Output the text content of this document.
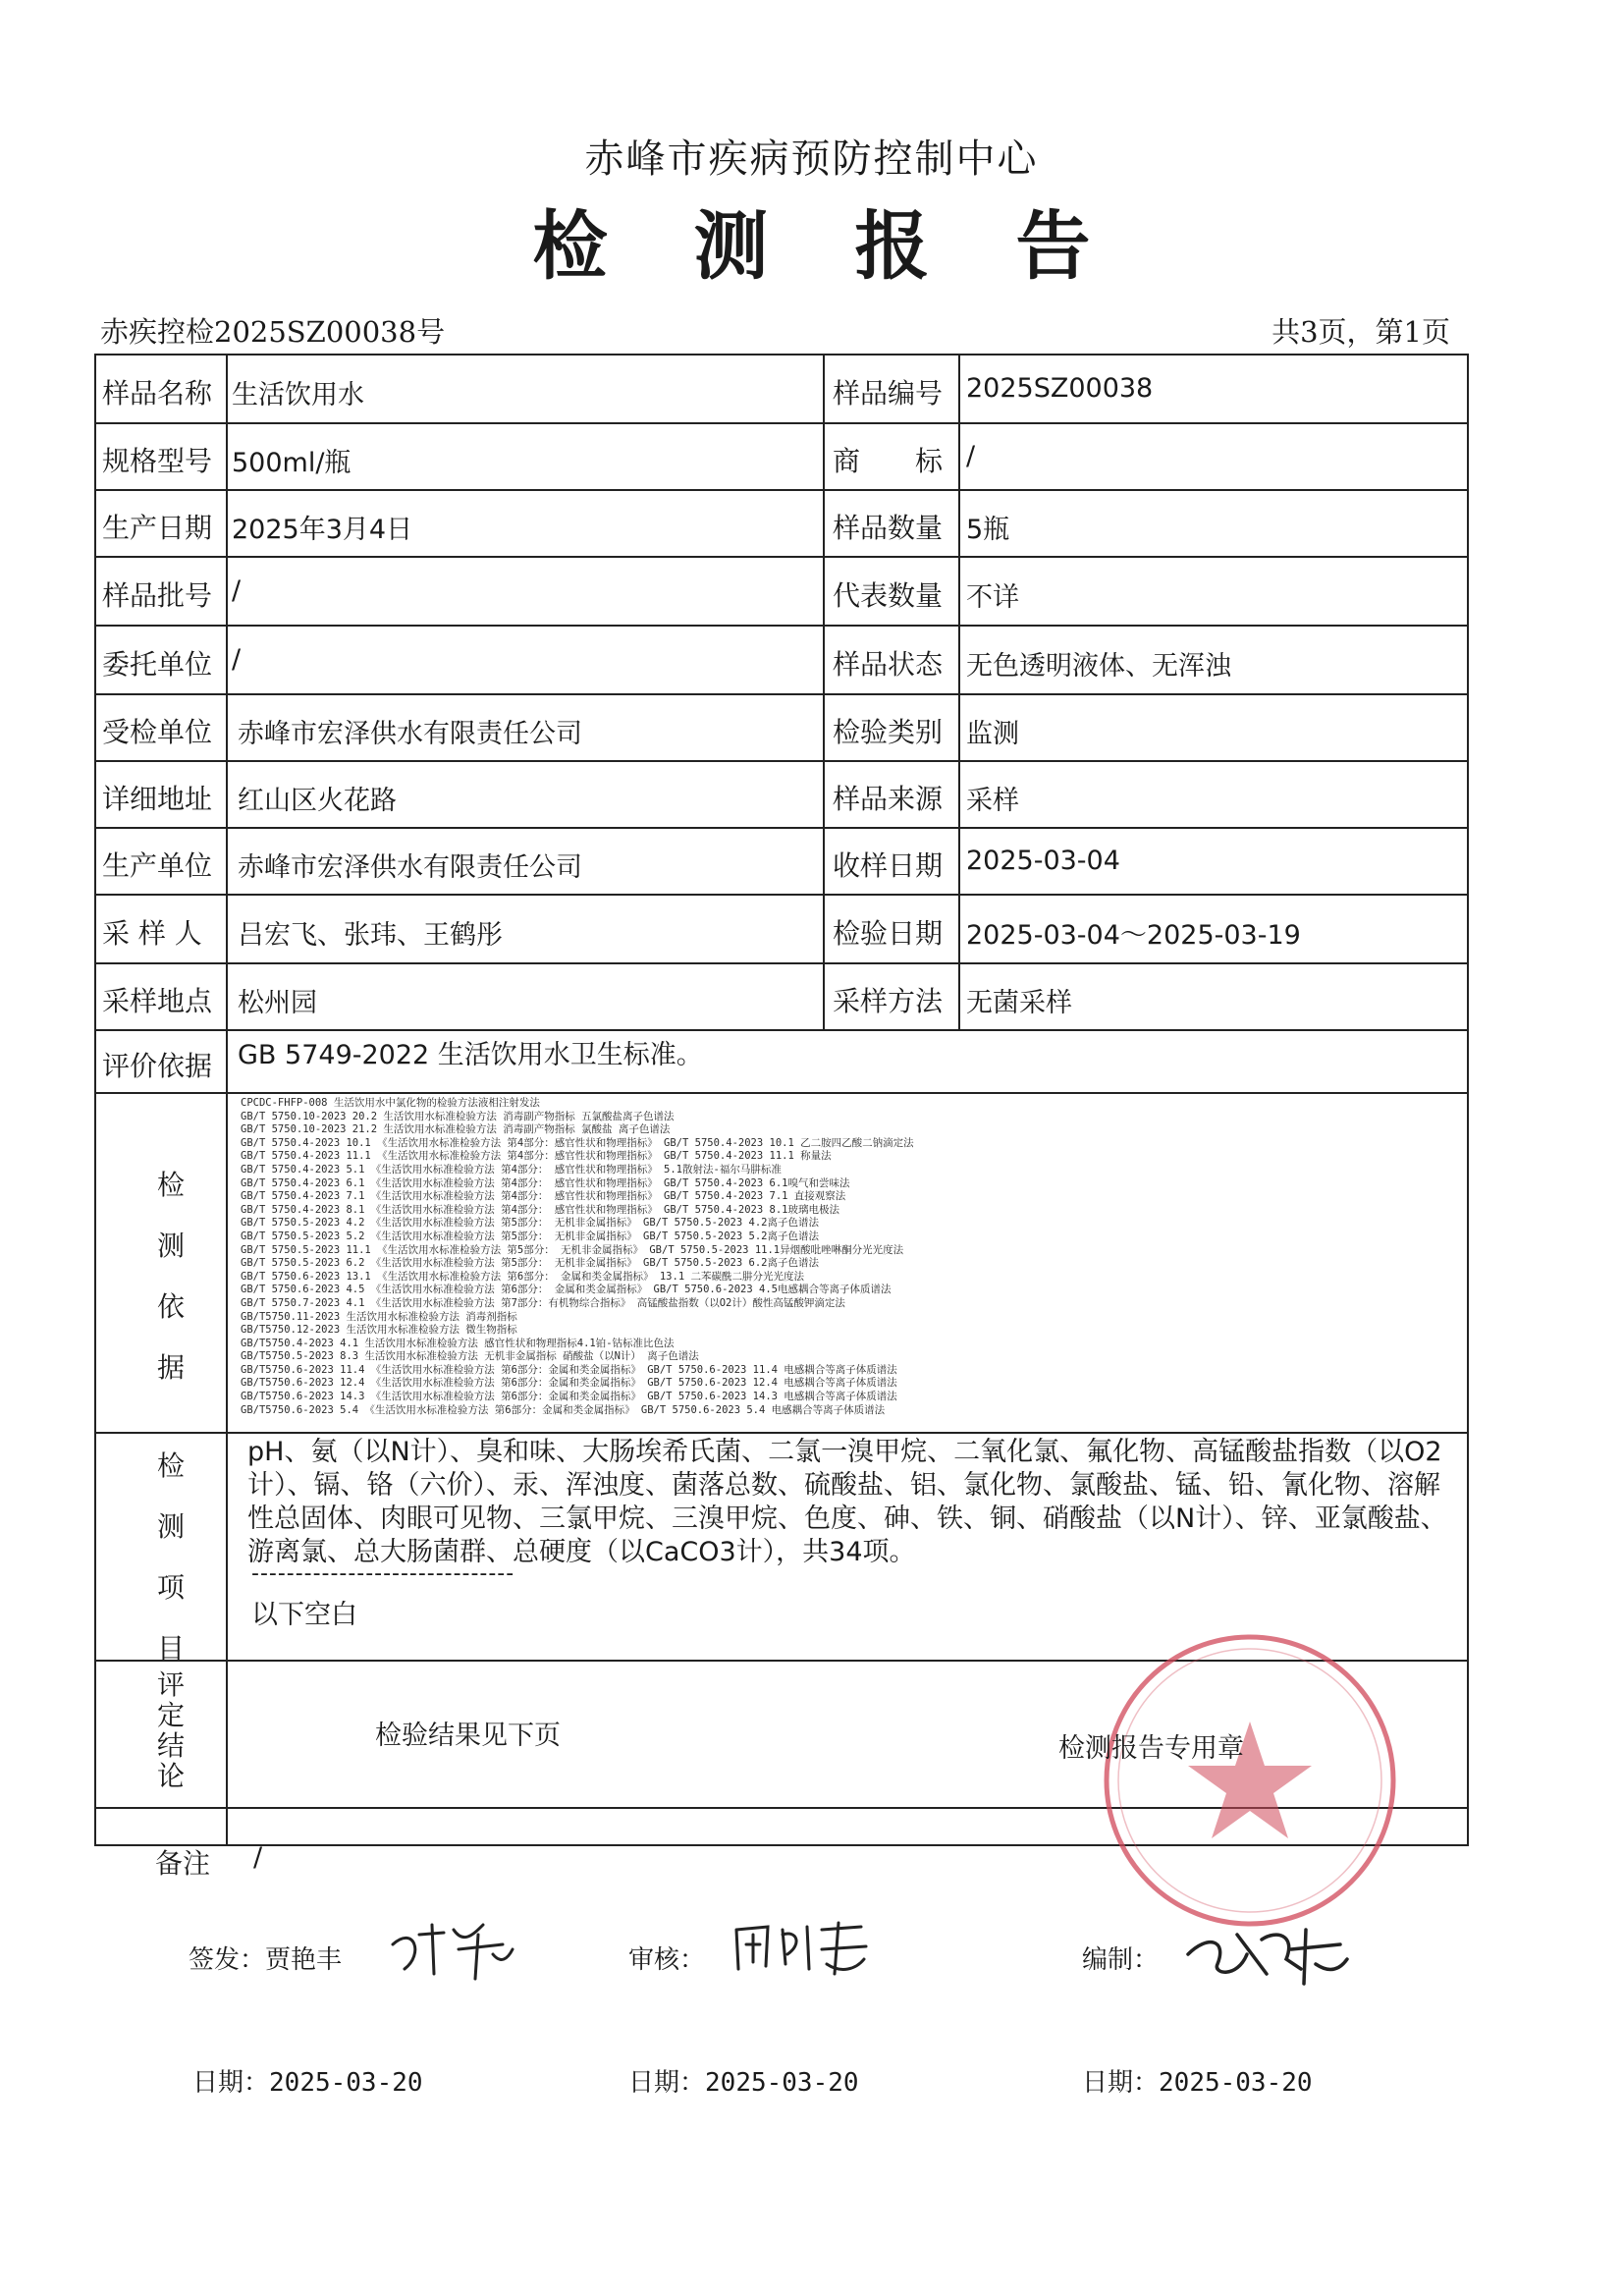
赤峰市疾病预防控制中心
检测报告
赤疾控检2025SZ00038号	共3页，第1页
样品名称 生活饮用水	样品编号 2025SZ00038
规格型号 500ml/瓶	商　　标 /
生产日期 2025年3月4日	样品数量 5瓶
样品批号 /	代表数量 不详
委托单位 /	样品状态 无色透明液体、无浑浊
受检单位 赤峰市宏泽供水有限责任公司	检验类别 监测
详细地址 红山区火花路	样品来源 采样
生产单位 赤峰市宏泽供水有限责任公司	收样日期 2025-03-04
采 样 人 吕宏飞、张玮、王鹤彤	检验日期 2025-03-04～2025-03-19
采样地点 松州园	采样方法 无菌采样
评价依据 GB 5749-2022 生活饮用水卫生标准。
检
测
依
据
CPCDC-FHFP-008 生活饮用水中氯化物的检验方法液相注射发法
GB/T 5750.10-2023 20.2 生活饮用水标准检验方法 消毒副产物指标 五氯酸盐离子色谱法
GB/T 5750.10-2023 21.2 生活饮用水标准检验方法 消毒副产物指标 氯酸盐 离子色谱法
GB/T 5750.4-2023 10.1 《生活饮用水标准检验方法 第4部分：感官性状和物理指标》 GB/T 5750.4-2023 10.1 乙二胺四乙酸二钠滴定法
GB/T 5750.4-2023 11.1 《生活饮用水标准检验方法 第4部分：感官性状和物理指标》 GB/T 5750.4-2023 11.1 称量法
GB/T 5750.4-2023 5.1 《生活饮用水标准检验方法 第4部分： 感官性状和物理指标》 5.1散射法-福尔马肼标准
GB/T 5750.4-2023 6.1 《生活饮用水标准检验方法 第4部分： 感官性状和物理指标》 GB/T 5750.4-2023 6.1嗅气和尝味法
GB/T 5750.4-2023 7.1 《生活饮用水标准检验方法 第4部分： 感官性状和物理指标》 GB/T 5750.4-2023 7.1 直接观察法
GB/T 5750.4-2023 8.1 《生活饮用水标准检验方法 第4部分： 感官性状和物理指标》 GB/T 5750.4-2023 8.1玻璃电极法
GB/T 5750.5-2023 4.2 《生活饮用水标准检验方法 第5部分： 无机非金属指标》 GB/T 5750.5-2023 4.2离子色谱法
GB/T 5750.5-2023 5.2 《生活饮用水标准检验方法 第5部分： 无机非金属指标》 GB/T 5750.5-2023 5.2离子色谱法
GB/T 5750.5-2023 11.1 《生活饮用水标准检验方法 第5部分： 无机非金属指标》 GB/T 5750.5-2023 11.1异烟酸吡唑啉酮分光光度法
GB/T 5750.5-2023 6.2 《生活饮用水标准检验方法 第5部分： 无机非金属指标》 GB/T 5750.5-2023 6.2离子色谱法
GB/T 5750.6-2023 13.1 《生活饮用水标准检验方法 第6部分： 金属和类金属指标》 13.1 二苯碳酰二肼分光光度法
GB/T 5750.6-2023 4.5 《生活饮用水标准检验方法 第6部分： 金属和类金属指标》 GB/T 5750.6-2023 4.5电感耦合等离子体质谱法
GB/T 5750.7-2023 4.1 《生活饮用水标准检验方法 第7部分：有机物综合指标》 高锰酸盐指数（以O2计）酸性高锰酸钾滴定法
GB/T5750.11-2023 生活饮用水标准检验方法 消毒剂指标
GB/T5750.12-2023 生活饮用水标准检验方法 微生物指标
GB/T5750.4-2023 4.1 生活饮用水标准检验方法 感官性状和物理指标4.1铂-钴标准比色法
GB/T5750.5-2023 8.3 生活饮用水标准检验方法 无机非金属指标 硝酸盐（以N计） 离子色谱法
GB/T5750.6-2023 11.4 《生活饮用水标准检验方法 第6部分：金属和类金属指标》 GB/T 5750.6-2023 11.4 电感耦合等离子体质谱法
GB/T5750.6-2023 12.4 《生活饮用水标准检验方法 第6部分：金属和类金属指标》 GB/T 5750.6-2023 12.4 电感耦合等离子体质谱法
GB/T5750.6-2023 14.3 《生活饮用水标准检验方法 第6部分：金属和类金属指标》 GB/T 5750.6-2023 14.3 电感耦合等离子体质谱法
GB/T5750.6-2023 5.4 《生活饮用水标准检验方法 第6部分：金属和类金属指标》 GB/T 5750.6-2023 5.4 电感耦合等离子体质谱法
检
测
项
目
pH、氨（以N计）、臭和味、大肠埃希氏菌、二氯一溴甲烷、二氧化氯、氟化物、高锰酸盐指数（以O2计）、镉、铬（六价）、汞、浑浊度、菌落总数、硫酸盐、铝、氯化物、氯酸盐、锰、铅、氰化物、溶解性总固体、肉眼可见物、三氯甲烷、三溴甲烷、色度、砷、铁、铜、硝酸盐（以N计）、锌、亚氯酸盐、游离氯、总大肠菌群、总硬度（以CaCO3计），共34项。
------------------------------
以下空白
评
定
结
论
检验结果见下页	检测报告专用章
备注 /
签发：贾艳丰	审核：	编制：
日期：2025-03-20	日期：2025-03-20	日期：2025-03-20
